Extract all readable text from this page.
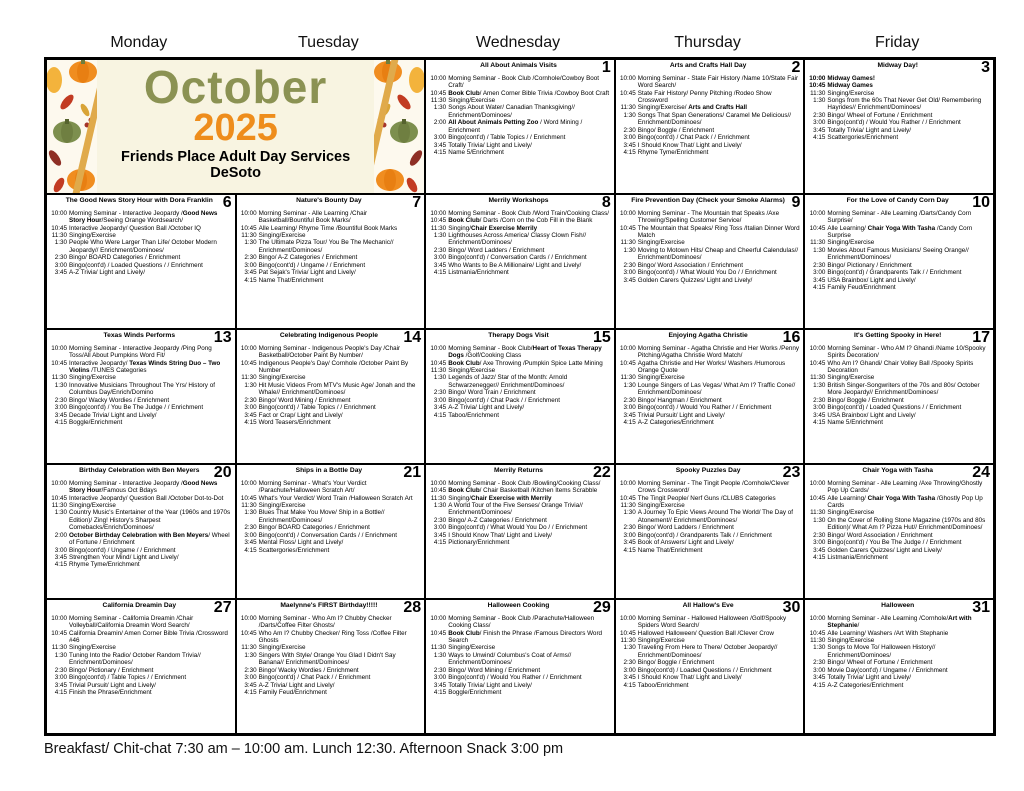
Monday	Tuesday	Wednesday	Thursday	Friday
October
2025
Friends Place Adult Day Services DeSoto
1
All About Animals Visits
10:00 Morning Seminar - Book Club /Cornhole/Cowboy Boot Craft/
10:45 Book Club/ Amen Corner Bible Trivia /Cowboy Boot Craft
11:30 Singing/Exercise
1:30 Songs About Water/ Canadian Thanksgiving// Enrichment/Dominoes/
2:00 All About Animals Petting Zoo / Word Mining / Enrichment
3:00 Bingo(cont'd) / Table Topics / / Enrichment
3:45 Totally Trivia/ Light and Lively/
4:15 Name 5/Enrichment
2
Arts and Crafts Hall Day
10:00 Morning Seminar - State Fair History /Name 10/State Fair Word Search/
10:45 State Fair History/ Penny Pitching /Rodeo Show Crossword
11:30 Singing/Exercise/ Arts and Crafts Hall
1:30 Songs That Span Generations/ Caramel Me Delicious// Enrichment/Dominoes/
2:30 Bingo/ Boggle / Enrichment
3:00 Bingo(cont'd) / Chat Pack / / Enrichment
3:45 I Should Know That/ Light and Lively/
4:15 Rhyme Tyme/Enrichment
3
Midway Day!
10:00 Midway Games!
10:45 Midway Games
11:30 Singing/Exercise
1:30 Songs from the 60s That Never Get Old/ Remembering Hayrides// Enrichment/Dominoes/
2:30 Bingo/ Wheel of Fortune / Enrichment
3:00 Bingo(cont'd) / Would You Rather / / Enrichment
3:45 Totally Trivia/ Light and Lively/
4:15 Scattergories/Enrichment
6
The Good News Story Hour with Dora Franklin
10:00 Morning Seminar - Interactive Jeopardy /Good News Story Hour/Seeing Orange Wordsearch/
10:45 Interactive Jeopardy/ Question Ball /October IQ
11:30 Singing/Exercise
1:30 People Who Were Larger Than Life/ October Modern Jeopardy// Enrichment/Dominoes/
2:30 Bingo/ BOARD Categories / Enrichment
3:00 Bingo(cont'd) / Loaded Questions / / Enrichment
3:45 A-Z Trivia/ Light and Lively/
7
Nature's Bounty Day
10:00 Morning Seminar - Alle Learning /Chair Basketball/Bountiful Book Marks/
10:45 Alle Learning/ Rhyme Time /Bountiful Book Marks
11:30 Singing/Exercise
1:30 The Ultimate Pizza Tour/ You Be The Mechanic// Enrichment/Dominoes/
2:30 Bingo/ A-Z Categories / Enrichment
3:00 Bingo(cont'd) / Ungame / / Enrichment
3:45 Pat Sejak's Trivia/ Light and Lively/
4:15 Name That/Enrichment
8
Merrily Workshops
10:00 Morning Seminar - Book Club /Word Train/Cooking Class/
10:45 Book Club/ Darts /Corn on the Cob Fill in the Blank
11:30 Singing/Chair Exercise Merrily
1:30 Lighthouses Across America/ Classy Clown Fish// Enrichment/Dominoes/
2:30 Bingo/ Word Ladders / Enrichment
3:00 Bingo(cont'd) / Conversation Cards / / Enrichment
3:45 Who Wants to Be A Millionaire/ Light and Lively/
4:15 Listmania/Enrichment
9
Fire Prevention Day (Check your Smoke Alarms)
10:00 Morning Seminar - The Mountain that Speaks /Axe Throwing/Spelling Customer Service/
10:45 The Mountain that Speaks/ Ring Toss /Italian Dinner Word Match
11:30 Singing/Exercise
1:30 Moving to Motown Hits/ Cheap and Cheerful Calendulas// Enrichment/Dominoes/
2:30 Bingo/ Word Association / Enrichment
3:00 Bingo(cont'd) / What Would You Do / / Enrichment
3:45 Golden Carers Quizzes/ Light and Lively/
10
For the Love of Candy Corn Day
10:00 Morning Seminar - Alle Learning /Darts/Candy Corn Surprise/
10:45 Alle Learning/ Chair Yoga With Tasha /Candy Corn Surprise
11:30 Singing/Exercise
1:30 Movies About Famous Musicians/ Seeing Orange// Enrichment/Dominoes/
2:30 Bingo/ Pictionary / Enrichment
3:00 Bingo(cont'd) / Grandparents Talk / / Enrichment
3:45 USA Brainbox/ Light and Lively/
4:15 Family Feud/Enrichment
13
Texas Winds Performs
10:00 Morning Seminar - Interactive Jeopardy /Ping Pong Toss/All About Pumpkins Word Fit/
10:45 Interactive Jeopardy/ Texas Winds String Duo – Two Violins /TUNES Categories
11:30 Singing/Exercise
1:30 Innovative Musicians Throughout The Yrs/ History of Columbus Day/Enrich/Domino
2:30 Bingo/ Wacky Wordies / Enrichment
3:00 Bingo(cont'd) / You Be The Judge / / Enrichment
3:45 Decade Trivia/ Light and Lively/
4:15 Boggle/Enrichment
14
Celebrating Indigenous People
10:00 Morning Seminar - Indigenous People's Day /Chair Basketball/October Paint By Number/
10:45 Indigenous People's Day/ Cornhole /October Paint By Number
11:30 Singing/Exercise
1:30 Hit Music Videos From MTV's Music Age/ Jonah and the Whale// Enrichment/Dominoes/
2:30 Bingo/ Word Mining / Enrichment
3:00 Bingo(cont'd) / Table Topics / / Enrichment
3:45 Fact or Crap/ Light and Lively/
4:15 Word Teasers/Enrichment
15
Therapy Dogs Visit
10:00 Morning Seminar - Book Club/Heart of Texas Therapy Dogs /Golf/Cooking Class
10:45 Book Club/ Axe Throwing /Pumpkin Spice Latte Mining
11:30 Singing/Exercise
1:30 Legends of Jazz/ Star of the Month: Arnold Schwarzenegger// Enrichment/Dominoes/
2:30 Bingo/ Word Train / Enrichment
3:00 Bingo(cont'd) / Chat Pack / / Enrichment
3:45 A-Z Trivia/ Light and Lively/
4:15 Taboo/Enrichment
16
Enjoying Agatha Christie
10:00 Morning Seminar - Agatha Christie and Her Works /Penny Pitching/Agatha Christie Word Match/
10:45 Agatha Christie and Her Works/ Washers /Humorous Orange Quote
11:30 Singing/Exercise
1:30 Lounge Singers of Las Vegas/ What Am I? Traffic Cone// Enrichment/Dominoes/
2:30 Bingo/ Hangman / Enrichment
3:00 Bingo(cont'd) / Would You Rather / / Enrichment
3:45 Trivial Pursuit/ Light and Lively/
4:15 A-Z Categories/Enrichment
17
It's Getting Spooky in Here!
10:00 Morning Seminar - Who AM I? Ghandi /Name 10/Spooky Spirits Decoration/
10:45 Who Am I? Ghandi/ Chair Volley Ball /Spooky Spirits Decoration
11:30 Singing/Exercise
1:30 British Singer-Songwriters of the 70s and 80s/ October More Jeopardy// Enrichment/Dominoes/
2:30 Bingo/ Boggle / Enrichment
3:00 Bingo(cont'd) / Loaded Questions / / Enrichment
3:45 USA Brainbox/ Light and Lively/
4:15 Name 5/Enrichment
20
Birthday Celebration with Ben Meyers
10:00 Morning Seminar - Interactive Jeopardy /Good News Story Hour/Famous Oct Bdays
10:45 Interactive Jeopardy/ Question Ball /October Dot-to-Dot
11:30 Singing/Exercise
1:30 Country Music's Entertainer of the Year (1960s and 1970s Edition)/ Zing! History's Sharpest Comebacks/Enrich/Dominoes/
2:00 October Birthday Celebration with Ben Meyers/ Wheel of Fortune / Enrichment
3:00 Bingo(cont'd) / Ungame / / Enrichment
3:45 Strengthen Your Mind/ Light and Lively/
4:15 Rhyme Tyme/Enrichment
21
Ships in a Bottle Day
10:00 Morning Seminar - What's Your Verdict /Parachute/Halloween Scratch Art/
10:45 What's Your Verdict/ Word Train /Halloween Scratch Art
11:30 Singing/Exercise
1:30 Blues That Make You Move/ Ship in a Bottle// Enrichment/Dominoes/
2:30 Bingo/ BOARD Categories / Enrichment
3:00 Bingo(cont'd) / Conversation Cards / / Enrichment
3:45 Mental Floss/ Light and Lively/
4:15 Scattergories/Enrichment
22
Merrily Returns
10:00 Morning Seminar - Book Club /Bowling/Cooking Class/
10:45 Book Club/ Chair Basketball /Kitchen Items Scrabble
11:30 Singing/Chair Exercise with Merrily
1:30 A World Tour of the Five Senses/ Orange Trivia// Enrichment/Dominoes/
2:30 Bingo/ A-Z Categories / Enrichment
3:00 Bingo(cont'd) / What Would You Do / / Enrichment
3:45 I Should Know That/ Light and Lively/
4:15 Pictionary/Enrichment
23
Spooky Puzzles Day
10:00 Morning Seminar - The Tingit People /Cornhole/Clever Crows Crossword/
10:45 The Tingit People/ Nerf Guns /CLUBS Categories
11:30 Singing/Exercise
1:30 A Journey To Epic Views Around The World/ The Day of Atonement// Enrichment/Dominoes/
2:30 Bingo/ Word Ladders / Enrichment
3:00 Bingo(cont'd) / Grandparents Talk / / Enrichment
3:45 Book of Answers/ Light and Lively/
4:15 Name That/Enrichment
24
Chair Yoga with Tasha
10:00 Morning Seminar - Alle Learning /Axe Throwing/Ghostly Pop Up Cards/
10:45 Alle Learning/ Chair Yoga With Tasha /Ghostly Pop Up Cards
11:30 Singing/Exercise
1:30 On the Cover of Rolling Stone Magazine (1970s and 80s Edition)/ What Am I? Pizza Hut// Enrichment/Dominoes/
2:30 Bingo/ Word Association / Enrichment
3:00 Bingo(cont'd) / You Be The Judge / / Enrichment
3:45 Golden Carers Quizzes/ Light and Lively/
4:15 Listmania/Enrichment
27
California Dreamin Day
10:00 Morning Seminar - California Dreamin /Chair Volleyball/California Dreamin Word Search/
10:45 California Dreamin/ Amen Corner Bible Trivia /Crossword #46
11:30 Singing/Exercise
1:30 Tuning Into the Radio/ October Random Trivia// Enrichment/Dominoes/
2:30 Bingo/ Pictionary / Enrichment
3:00 Bingo(cont'd) / Table Topics / / Enrichment
3:45 Trivial Pursuit/ Light and Lively/
4:15 Finish the Phrase/Enrichment
28
Maelynne's FIRST Birthday!!!!!
10:00 Morning Seminar - Who Am I? Chubby Checker /Darts/Coffee Filter Ghosts/
10:45 Who Am I? Chubby Checker/ Ring Toss /Coffee Filter Ghosts
11:30 Singing/Exercise
1:30 Singers With Style/ Orange You Glad I Didn't Say Banana// Enrichment/Dominoes/
2:30 Bingo/ Wacky Wordies / Enrichment
3:00 Bingo(cont'd) / Chat Pack / / Enrichment
3:45 A-Z Trivia/ Light and Lively/
4:15 Family Feud/Enrichment
29
Halloween Cooking
10:00 Morning Seminar - Book Club /Parachute/Halloween Cooking Class/
10:45 Book Club/ Finish the Phrase /Famous Directors Word Search
11:30 Singing/Exercise
1:30 Ways to Unwind/ Columbus's Coat of Arms// Enrichment/Dominoes/
2:30 Bingo/ Word Mining / Enrichment
3:00 Bingo(cont'd) / Would You Rather / / Enrichment
3:45 Totally Trivia/ Light and Lively/
4:15 Boggle/Enrichment
30
All Hallow's Eve
10:00 Morning Seminar - Hallowed Halloween /Golf/Spooky Spiders Word Search/
10:45 Hallowed Halloween/ Question Ball /Clever Crow
11:30 Singing/Exercise
1:30 Traveling From Here to There/ October Jeopardy// Enrichment/Dominoes/
2:30 Bingo/ Boggle / Enrichment
3:00 Bingo(cont'd) / Loaded Questions / / Enrichment
3:45 I Should Know That/ Light and Lively/
4:15 Taboo/Enrichment
31
Halloween
10:00 Morning Seminar - Alle Learning /Cornhole/Art with Stephanie/
10:45 Alle Learning/ Washers /Art With Stephanie
11:30 Singing/Exercise
1:30 Songs to Move To/ Halloween History// Enrichment/Dominoes/
2:30 Bingo/ Wheel of Fortune / Enrichment
3:00 Movie Day(cont'd) / Ungame / / Enrichment
3:45 Totally Trivia/ Light and Lively/
4:15 A-Z Categories/Enrichment
Breakfast/ Chit-chat 7:30 am – 10:00 am. Lunch 12:30. Afternoon Snack 3:00 pm
